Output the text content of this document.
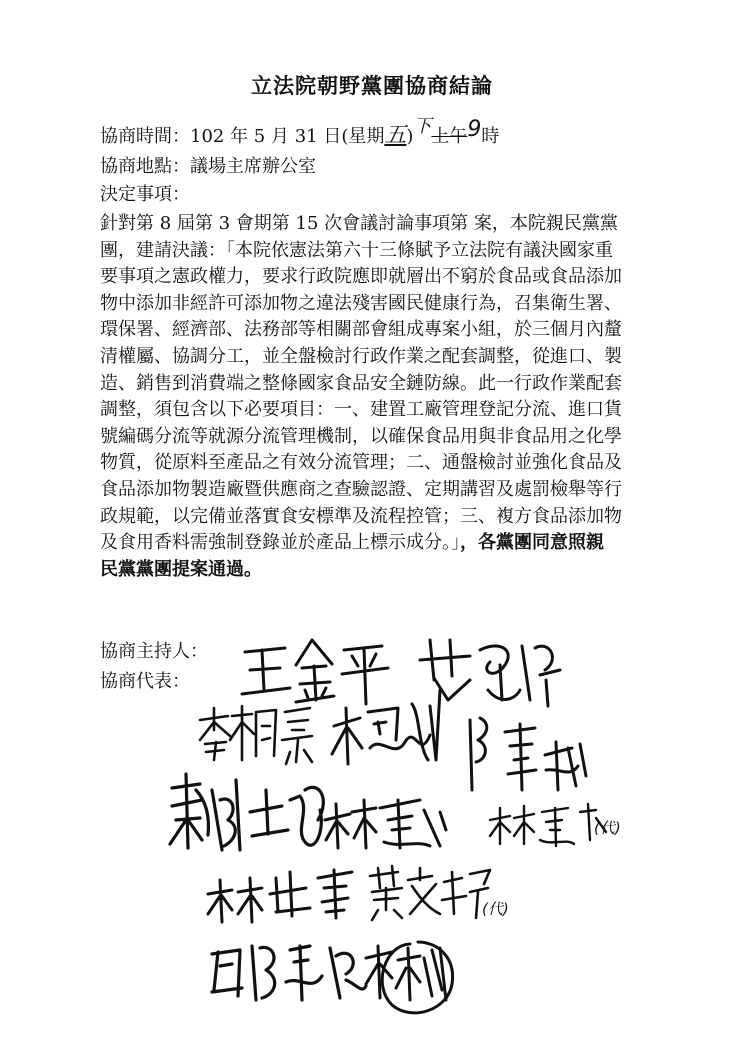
立法院朝野黨團協商結論
協商時間：102 年 5 月 31 日(星期五)下上午9時
協商地點：議場主席辦公室
決定事項：
針對第 8 屆第 3 會期第 15 次會議討論事項第 案，本院親民黨黨
團，建請決議：「本院依憲法第六十三條賦予立法院有議決國家重
要事項之憲政權力，要求行政院應即就層出不窮於食品或食品添加
物中添加非經許可添加物之違法殘害國民健康行為，召集衛生署、
環保署、經濟部、法務部等相關部會組成專案小組，於三個月內釐
清權屬、協調分工，並全盤檢討行政作業之配套調整，從進口、製
造、銷售到消費端之整條國家食品安全鏈防線。此一行政作業配套
調整，須包含以下必要項目：一、建置工廠管理登記分流、進口貨
號編碼分流等就源分流管理機制，以確保食品用與非食品用之化學
物質，從原料至產品之有效分流管理；二、通盤檢討並強化食品及
食品添加物製造廠暨供應商之查驗認證、定期講習及處罰檢舉等行
政規範，以完備並落實食安標準及流程控管；三、複方食品添加物
及食用香料需強制登錄並於產品上標示成分。」，各黨團同意照親
民黨黨團提案通過。
協商主持人：
協商代表：
(代)
(代)
